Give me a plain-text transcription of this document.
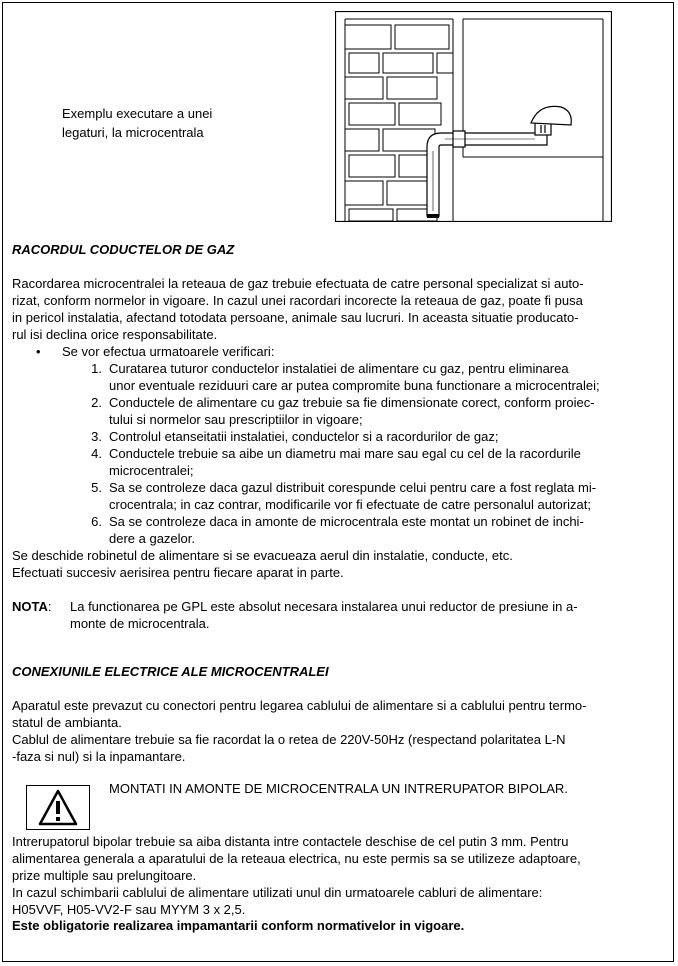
Exemplu executare a unei
legaturi, la microcentrala
RACORDUL CODUCTELOR DE GAZ
Racordarea microcentralei la reteaua de gaz trebuie efectuata de catre personal specializat si auto-
rizat, conform normelor in vigoare. In cazul unei racordari incorecte la reteaua de gaz, poate fi pusa
in pericol instalatia, afectand totodata persoane, animale sau lucruri. In aceasta situatie producato-
rul isi declina orice responsabilitate.
• Se vor efectua urmatoarele verificari:
1. Curatarea tuturor conductelor instalatiei de alimentare cu gaz, pentru eliminarea
unor eventuale reziduuri care ar putea compromite buna functionare a microcentralei;
2. Conductele de alimentare cu gaz trebuie sa fie dimensionate corect, conform proiec-
tului si normelor sau prescriptiilor in vigoare;
3. Controlul etanseitatii instalatiei, conductelor si a racordurilor de gaz;
4. Conductele trebuie sa aibe un diametru mai mare sau egal cu cel de la racordurile
microcentralei;
5. Sa se controleze daca gazul distribuit corespunde celui pentru care a fost reglata mi-
crocentrala; in caz contrar, modificarile vor fi efectuate de catre personalul autorizat;
6. Sa se controleze daca in amonte de microcentrala este montat un robinet de inchi-
dere a gazelor.
Se deschide robinetul de alimentare si se evacueaza aerul din instalatie, conducte, etc.
Efectuati succesiv aerisirea pentru fiecare aparat in parte.
NOTA: La functionarea pe GPL este absolut necesara instalarea unui reductor de presiune in a-
monte de microcentrala.
CONEXIUNILE ELECTRICE ALE MICROCENTRALEI
Aparatul este prevazut cu conectori pentru legarea cablului de alimentare si a cablului pentru termo-
statul de ambianta.
Cablul de alimentare trebuie sa fie racordat la o retea de 220V-50Hz (respectand polaritatea L-N
-faza si nul) si la inpamantare.
MONTATI IN AMONTE DE MICROCENTRALA UN INTRERUPATOR BIPOLAR.
Intrerupatorul bipolar trebuie sa aiba distanta intre contactele deschise de cel putin 3 mm. Pentru
alimentarea generala a aparatului de la reteaua electrica, nu este permis sa se utilizeze adaptoare,
prize multiple sau prelungitoare.
In cazul schimbarii cablului de alimentare utilizati unul din urmatoarele cabluri de alimentare:
H05VVF, H05-VV2-F sau MYYM 3 x 2,5.
Este obligatorie realizarea impamantarii conform normativelor in vigoare.
